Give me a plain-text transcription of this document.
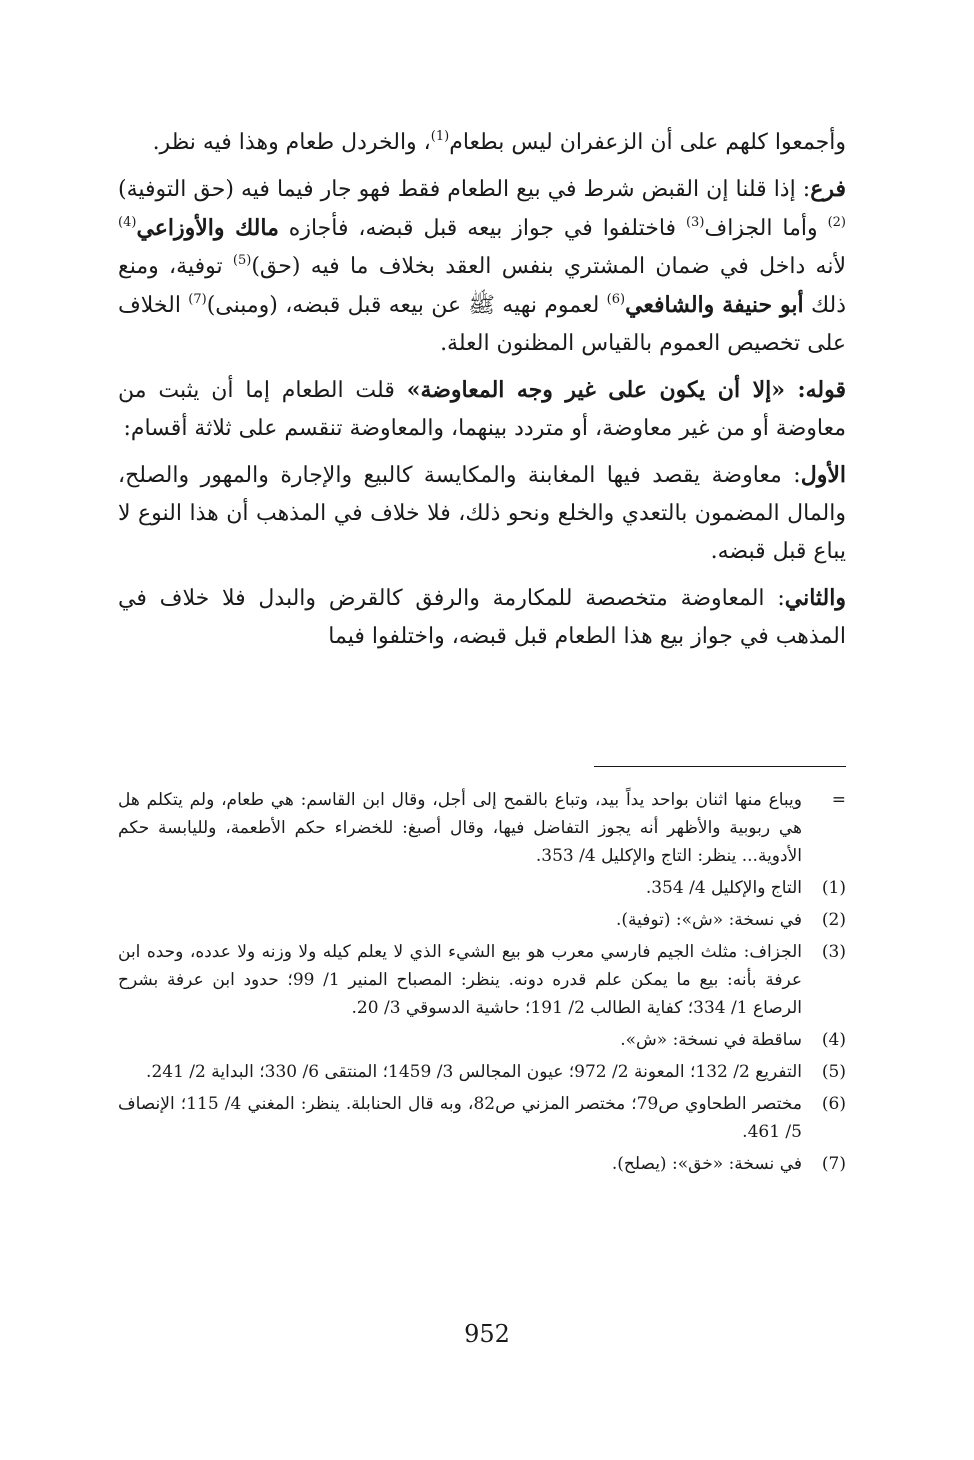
وأجمعوا كلهم على أن الزعفران ليس بطعام$^{(1)}$، والخردل طعام وهذا فيه نظر.

فرع: إذا قلنا إن القبض شرط في بيع الطعام فقط فهو جار فيما فيه (حق التوفية)$^{(2)}$ وأما الجزاف$^{(3)}$ فاختلفوا في جواز بيعه قبل قبضه، فأجازه مالك والأوزاعي$^{(4)}$ لأنه داخل في ضمان المشتري بنفس العقد بخلاف ما فيه (حق)$^{(5)}$ توفية، ومنع ذلك أبو حنيفة والشافعي$^{(6)}$ لعموم نهيه ﷺ عن بيعه قبل قبضه، (ومبنى)$^{(7)}$ الخلاف على تخصيص العموم بالقياس المظنون العلة.

قوله: «إلا أن يكون على غير وجه المعاوضة» قلت الطعام إما أن يثبت من معاوضة أو من غير معاوضة، أو متردد بينهما، والمعاوضة تنقسم على ثلاثة أقسام:

الأول: معاوضة يقصد فيها المغابنة والمكايسة كالبيع والإجارة والمهور والصلح، والمال المضمون بالتعدي والخلع ونحو ذلك، فلا خلاف في المذهب أن هذا النوع لا يباع قبل قبضه.

والثاني: المعاوضة متخصصة للمكارمة والرفق كالقرض والبدل فلا خلاف في المذهب في جواز بيع هذا الطعام قبل قبضه، واختلفوا فيما

=
ويباع منها اثنان بواحد يداً بيد، وتباع بالقمح إلى أجل، وقال ابن القاسم: هي طعام، ولم يتكلم هل هي ربوبية والأظهر أنه يجوز التفاضل فيها، وقال أصبغ: للخضراء حكم الأطعمة، ولليابسة حكم الأدوية... ينظر: التاج والإكليل 4/ 353.
(1)
التاج والإكليل 4/ 354.
(2)
في نسخة: «ش»: (توفية).
(3)
الجزاف: مثلث الجيم فارسي معرب هو بيع الشيء الذي لا يعلم كيله ولا وزنه ولا عدده، وحده ابن عرفة بأنه: بيع ما يمكن علم قدره دونه. ينظر: المصباح المنير 1/ 99؛ حدود ابن عرفة بشرح الرصاع 1/ 334؛ كفاية الطالب 2/ 191؛ حاشية الدسوقي 3/ 20.
(4)
ساقطة في نسخة: «ش».
(5)
التفريع 2/ 132؛ المعونة 2/ 972؛ عيون المجالس 3/ 1459؛ المنتقى 6/ 330؛ البداية 2/ 241.
(6)
مختصر الطحاوي ص79؛ مختصر المزني ص82، وبه قال الحنابلة. ينظر: المغني 4/ 115؛ الإنصاف 5/ 461.
(7)
في نسخة: «خق»: (يصلح).
952
